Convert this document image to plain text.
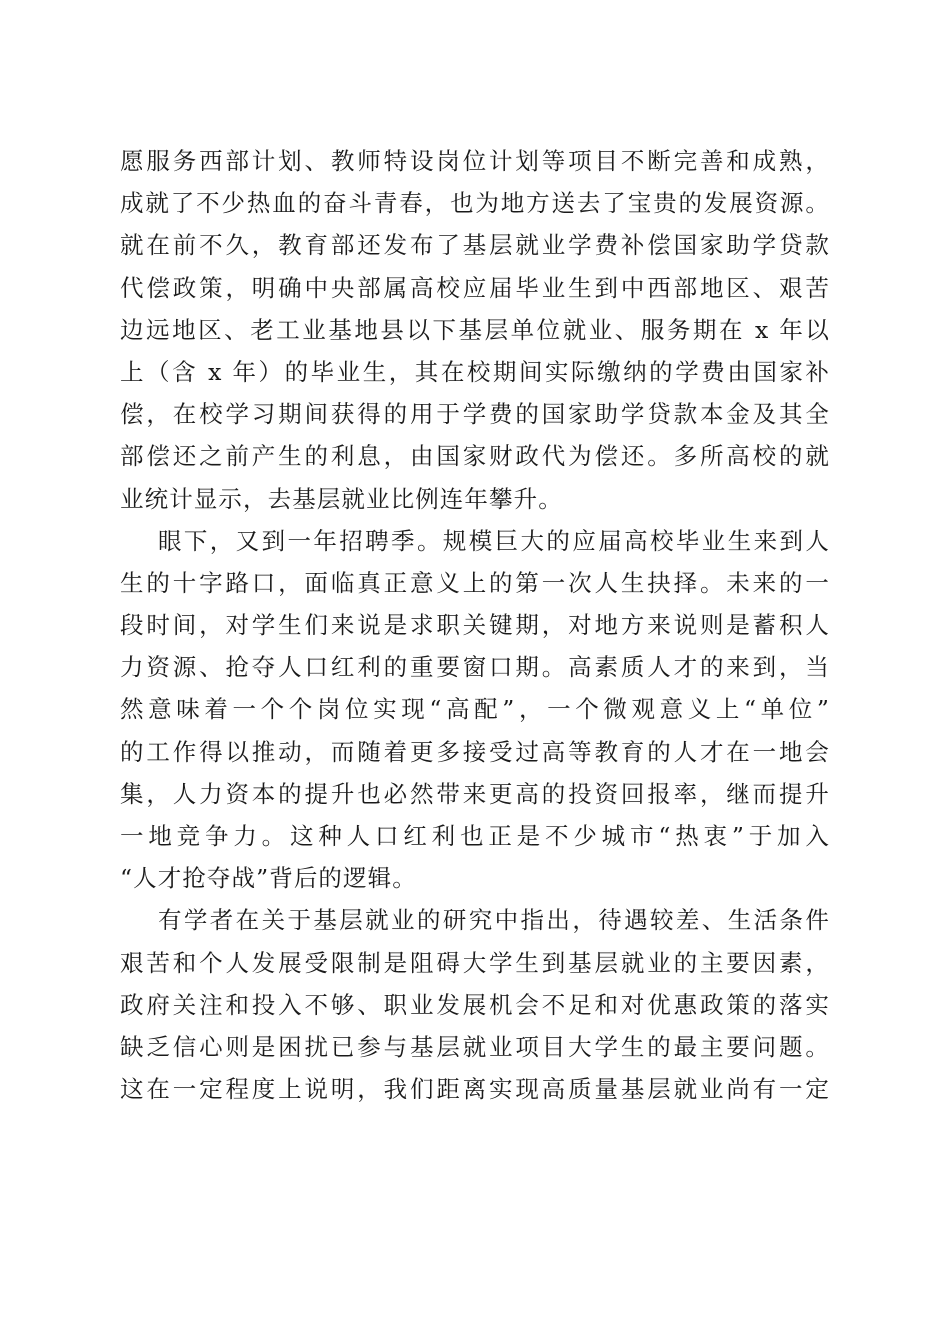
愿服务西部计划、教师特设岗位计划等项目不断完善和成熟，
成就了不少热血的奋斗青春，也为地方送去了宝贵的发展资源。
就在前不久，教育部还发布了基层就业学费补偿国家助学贷款
代偿政策，明确中央部属高校应届毕业生到中西部地区、艰苦
边远地区、老工业基地县以下基层单位就业、服务期在 x 年以
上（含 x 年）的毕业生，其在校期间实际缴纳的学费由国家补
偿，在校学习期间获得的用于学费的国家助学贷款本金及其全
部偿还之前产生的利息，由国家财政代为偿还。多所高校的就
业统计显示，去基层就业比例连年攀升。
眼下，又到一年招聘季。规模巨大的应届高校毕业生来到人
生的十字路口，面临真正意义上的第一次人生抉择。未来的一
段时间，对学生们来说是求职关键期，对地方来说则是蓄积人
力资源、抢夺人口红利的重要窗口期。高素质人才的来到，当
然意味着一个个岗位实现“高配”，一个微观意义上“单位”
的工作得以推动，而随着更多接受过高等教育的人才在一地会
集，人力资本的提升也必然带来更高的投资回报率，继而提升
一地竞争力。这种人口红利也正是不少城市“热衷”于加入
“人才抢夺战”背后的逻辑。
有学者在关于基层就业的研究中指出，待遇较差、生活条件
艰苦和个人发展受限制是阻碍大学生到基层就业的主要因素，
政府关注和投入不够、职业发展机会不足和对优惠政策的落实
缺乏信心则是困扰已参与基层就业项目大学生的最主要问题。
这在一定程度上说明，我们距离实现高质量基层就业尚有一定
